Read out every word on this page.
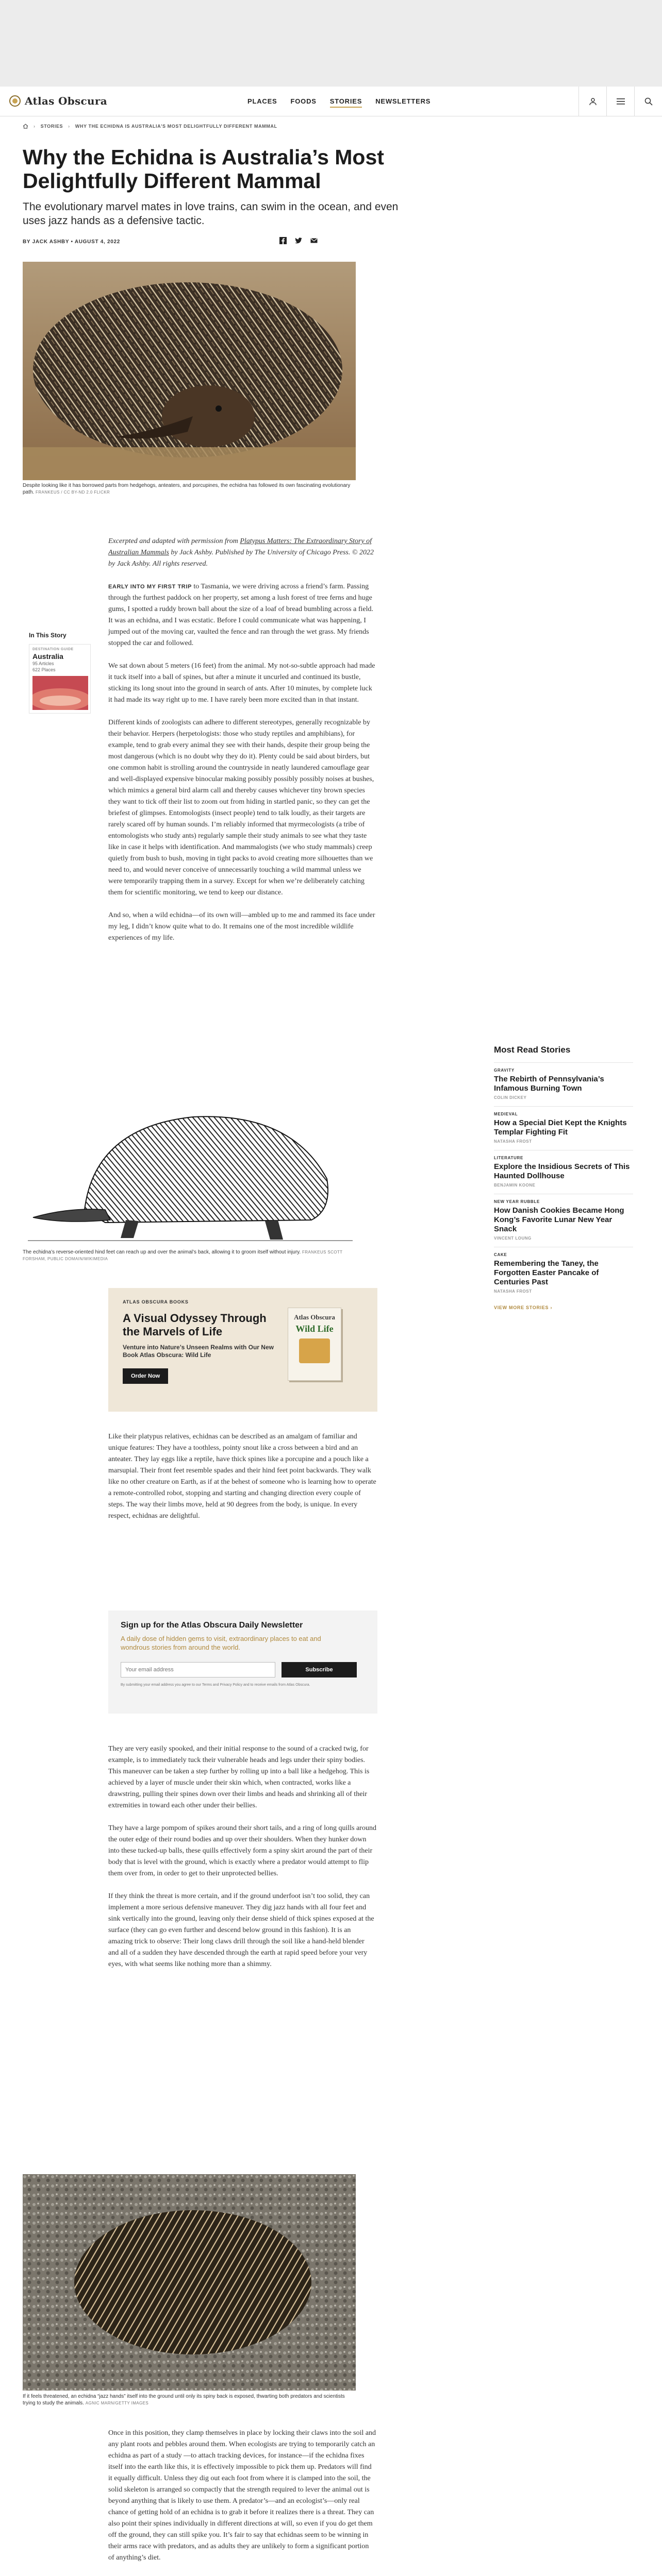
Atlas Obscura	PLACES FOODS STORIES NEWSLETTERS
› STORIES › WHY THE ECHIDNA IS AUSTRALIA'S MOST DELIGHTFULLY DIFFERENT MAMMAL
Why the Echidna is Australia’s Most Delightfully Different Mammal

The evolutionary marvel mates in love trains, can swim in the ocean, and even uses jazz hands as a defensive tactic.

BY JACK ASHBY • AUGUST 4, 2022
Despite looking like it has borrowed parts from hedgehogs, anteaters, and porcupines, the echidna has followed its own fascinating evolutionary path. FRANKEUS / CC BY-ND 2.0 FLICKR

Excerpted and adapted with permission from Platypus Matters: The Extraordinary Story of Australian Mammals by Jack Ashby. Published by The University of Chicago Press. © 2022 by Jack Ashby. All rights reserved.

EARLY INTO MY FIRST TRIP to Tasmania, we were driving across a friend’s farm. Passing through the furthest paddock on her property, set among a lush forest of tree ferns and huge gums, I spotted a ruddy brown ball about the size of a loaf of bread bumbling across a field. It was an echidna, and I was ecstatic. Before I could communicate what was happening, I jumped out of the moving car, vaulted the fence and ran through the wet grass. My friends stopped the car and followed.

We sat down about 5 meters (16 feet) from the animal. My not-so-subtle approach had made it tuck itself into a ball of spines, but after a minute it uncurled and continued its bustle, sticking its long snout into the ground in search of ants. After 10 minutes, by complete luck it had made its way right up to me. I have rarely been more excited than in that instant.

Different kinds of zoologists can adhere to different stereotypes, generally recognizable by their behavior. Herpers (herpetologists: those who study reptiles and amphibians), for example, tend to grab every animal they see with their hands, despite their group being the most dangerous (which is no doubt why they do it). Plenty could be said about birders, but one common habit is strolling around the countryside in neatly laundered camouflage gear and well-displayed expensive binocular making possibly possibly possibly noises at bushes, which mimics a general bird alarm call and thereby causes whichever tiny brown species they want to tick off their list to zoom out from hiding in startled panic, so they can get the briefest of glimpses. Entomologists (insect people) tend to talk loudly, as their targets are rarely scared off by human sounds. I’m reliably informed that myrmecologists (a tribe of entomologists who study ants) regularly sample their study animals to see what they taste like in case it helps with identification. And mammalogists (we who study mammals) creep quietly from bush to bush, moving in tight packs to avoid creating more silhouettes than we need to, and would never conceive of unnecessarily touching a wild mammal unless we were temporarily trapping them in a survey. Except for when we’re deliberately catching them for scientific monitoring, we tend to keep our distance.

And so, when a wild echidna—of its own will—ambled up to me and rammed its face under my leg, I didn’t know quite what to do. It remains one of the most incredible wildlife experiences of my life.

In This Story
DESTINATION GUIDE
Australia
95 Articles
622 Places
The echidna’s reverse-oriented hind feet can reach up and over the animal’s back, allowing it to groom itself without injury. FRANKEUS SCOTT FORSHAM, PUBLIC DOMAIN/WIKIMEDIA
ATLAS OBSCURA BOOKS
A Visual Odyssey Through the Marvels of Life
Venture into Nature’s Unseen Realms with Our New Book Atlas Obscura: Wild Life
Order Now
Atlas Obscura
Wild Life

Like their platypus relatives, echidnas can be described as an amalgam of familiar and unique features: They have a toothless, pointy snout like a cross between a bird and an anteater. They lay eggs like a reptile, have thick spines like a porcupine and a pouch like a marsupial. Their front feet resemble spades and their hind feet point backwards. They walk like no other creature on Earth, as if at the behest of someone who is learning how to operate a remote-controlled robot, stopping and starting and changing direction every couple of steps. The way their limbs move, held at 90 degrees from the body, is unique. In every respect, echidnas are delightful.

Sign up for the Atlas Obscura Daily Newsletter
A daily dose of hidden gems to visit, extraordinary places to eat and wondrous stories from around the world.
Your email address
Subscribe
By submitting your email address you agree to our Terms and Privacy Policy and to receive emails from Atlas Obscura.

They are very easily spooked, and their initial response to the sound of a cracked twig, for example, is to immediately tuck their vulnerable heads and legs under their spiny bodies. This maneuver can be taken a step further by rolling up into a ball like a hedgehog. This is achieved by a layer of muscle under their skin which, when contracted, works like a drawstring, pulling their spines down over their limbs and heads and shrinking all of their extremities in toward each other under their bellies.

They have a large pompom of spikes around their short tails, and a ring of long quills around the outer edge of their round bodies and up over their shoulders. When they hunker down into these tucked-up balls, these quills effectively form a spiny skirt around the part of their body that is level with the ground, which is exactly where a predator would attempt to flip them over from, in order to get to their unprotected bellies.

If they think the threat is more certain, and if the ground underfoot isn’t too solid, they can implement a more serious defensive maneuver. They dig jazz hands with all four feet and sink vertically into the ground, leaving only their dense shield of thick spines exposed at the surface (they can go even further and descend below ground in this fashion). It is an amazing trick to observe: Their long claws drill through the soil like a hand-held blender and all of a sudden they have descended through the earth at rapid speed before your very eyes, with what seems like nothing more than a shimmy.

If it feels threatened, an echidna “jazz hands” itself into the ground until only its spiny back is exposed, thwarting both predators and scientists trying to study the animals. AGNIC MARN/GETTY IMAGES

Once in this position, they clamp themselves in place by locking their claws into the soil and any plant roots and pebbles around them. When ecologists are trying to temporarily catch an echidna as part of a study —to attach tracking devices, for instance—if the echidna fixes itself into the earth like this, it is effectively impossible to pick them up. Predators will find it equally difficult. Unless they dig out each foot from where it is clamped into the soil, the solid skeleton is arranged so compactly that the strength required to lever the animal out is beyond anything that is likely to use them. A predator’s—and an ecologist’s—only real chance of getting hold of an echidna is to grab it before it realizes there is a threat. They can also point their spines individually in different directions at will, so even if you do get them off the ground, they can still spike you. It’s fair to say that echidnas seem to be winning in their arms race with predators, and as adults they are unlikely to form a significant portion of anything’s diet.

Most Read Stories
GRAVITY
The Rebirth of Pennsylvania’s Infamous Burning Town
COLIN DICKEY
MEDIEVAL
How a Special Diet Kept the Knights Templar Fighting Fit
NATASHA FROST
LITERATURE
Explore the Insidious Secrets of This Haunted Dollhouse
BENJAMIN KOONE
NEW YEAR RUBBLE
How Danish Cookies Became Hong Kong’s Favorite Lunar New Year Snack
VINCENT LOUNG
CAKE
Remembering the Taney, the Forgotten Easter Pancake of Centuries Past
NATASHA FROST
VIEW MORE STORIES ›
